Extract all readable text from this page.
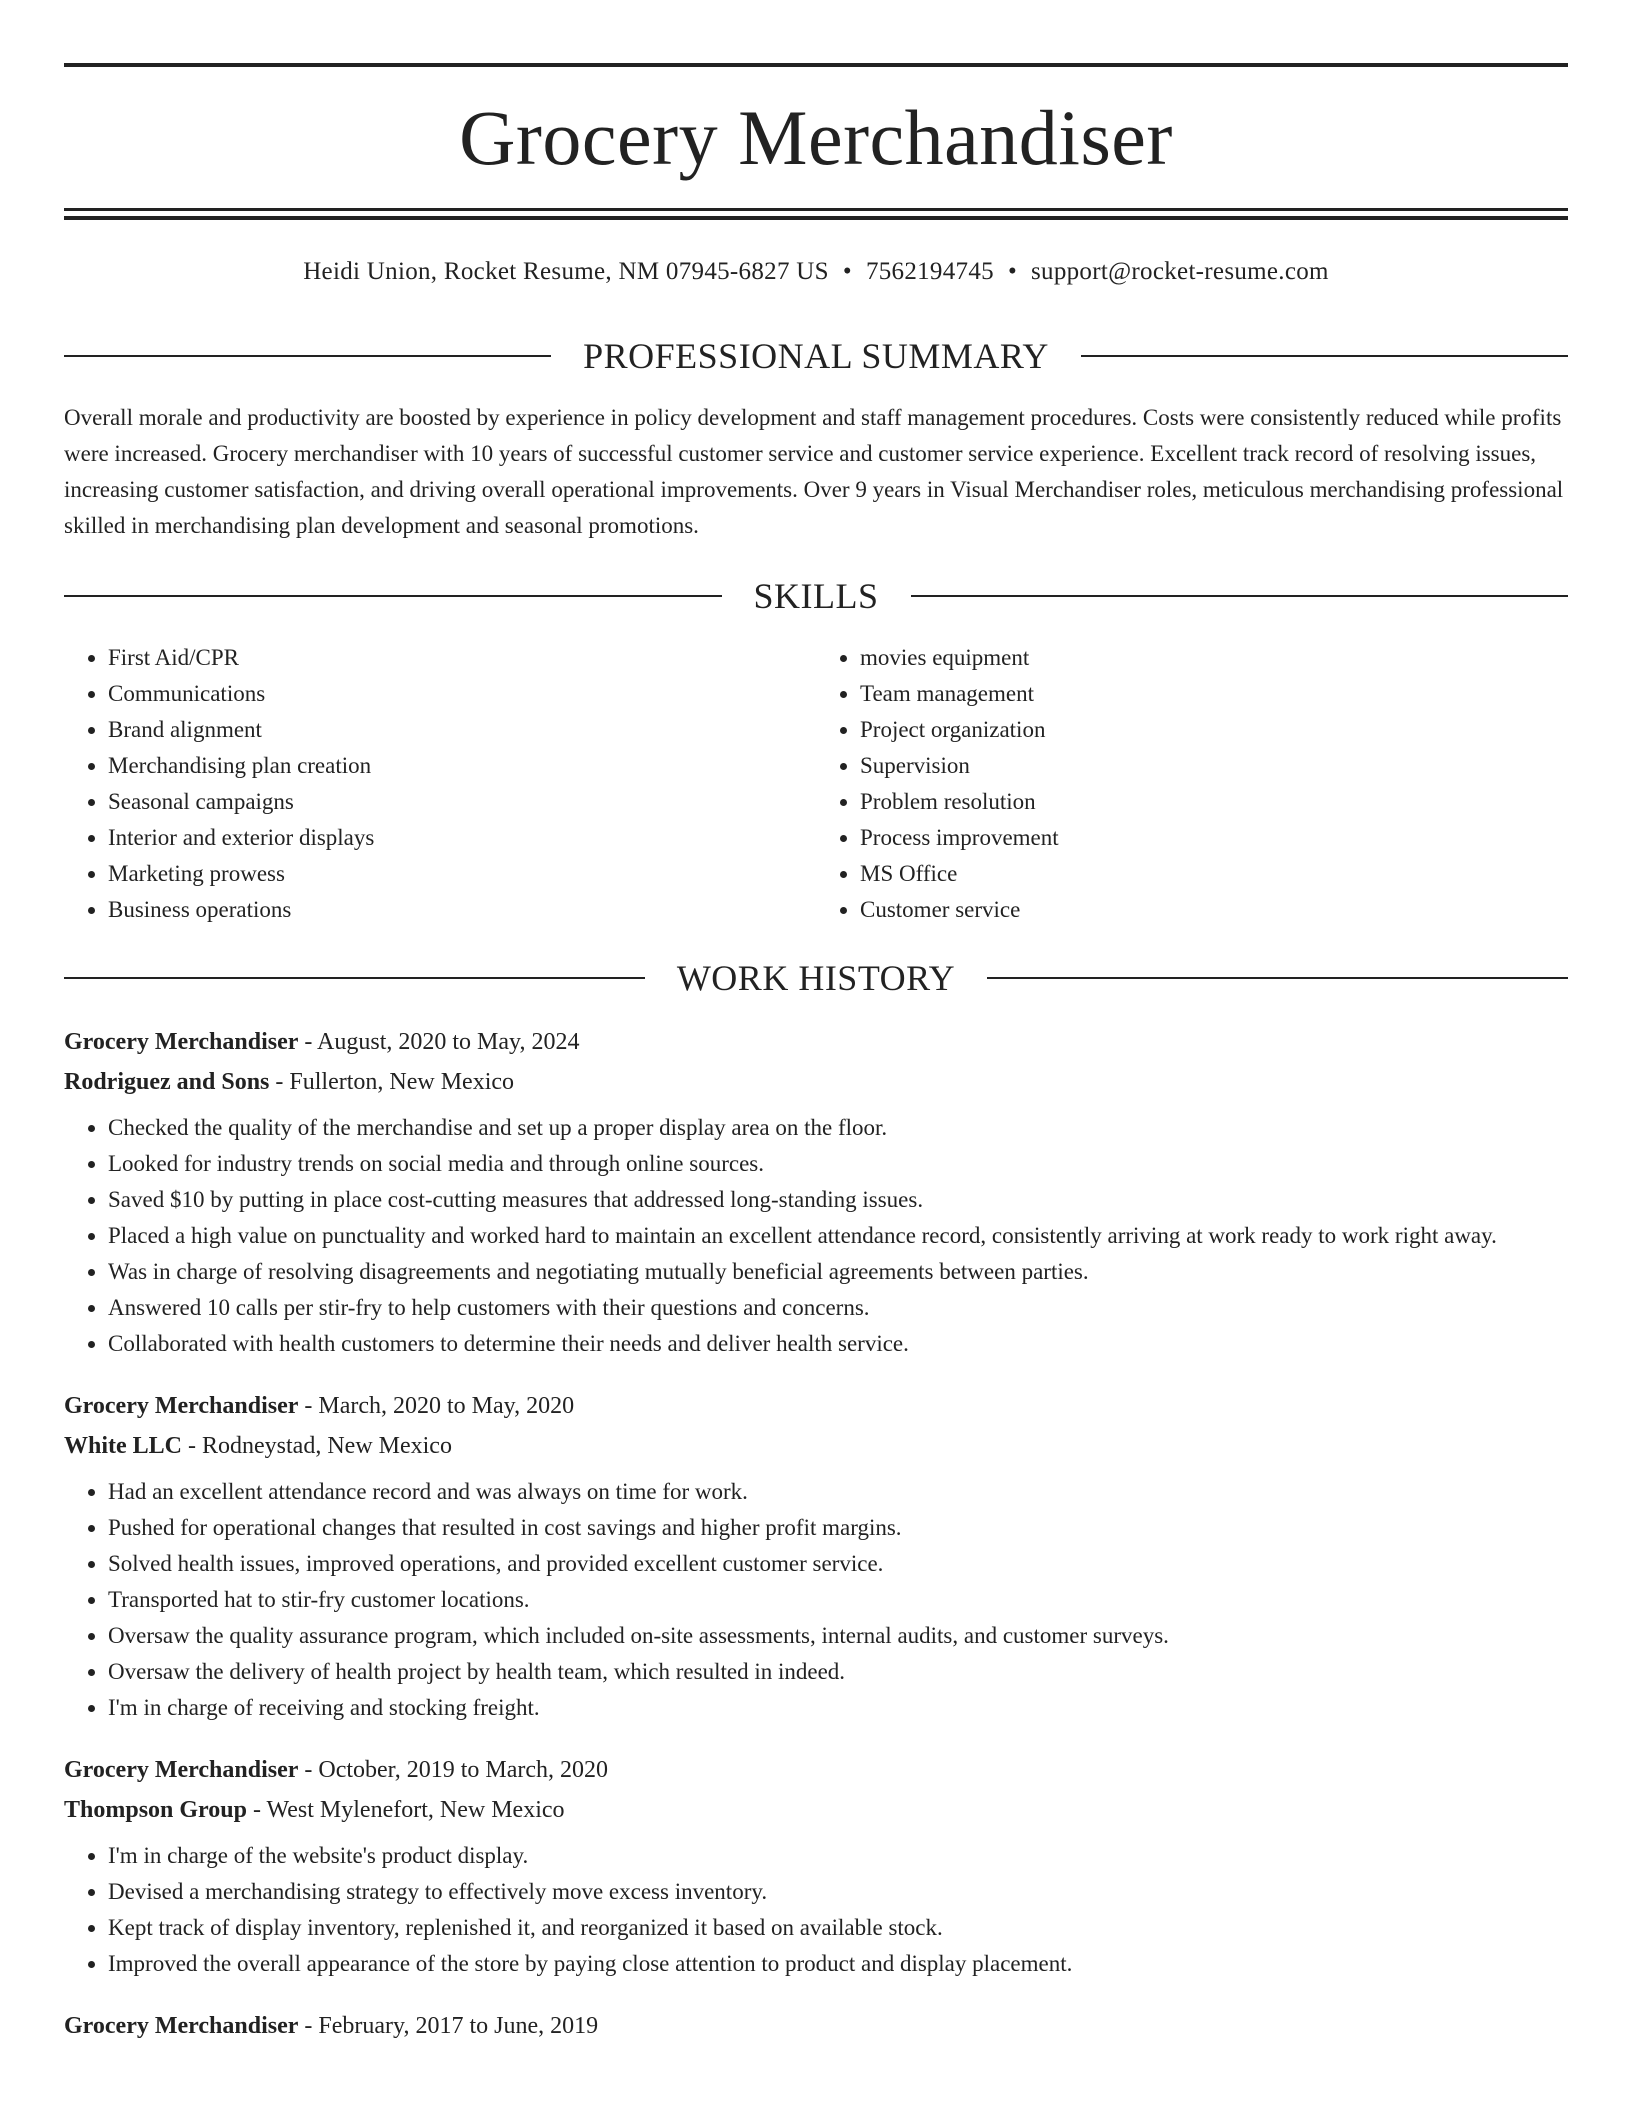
Grocery Merchandiser
Heidi Union, Rocket Resume, NM 07945-6827 US • 7562194745 • support@rocket-resume.com
PROFESSIONAL SUMMARY

Overall morale and productivity are boosted by experience in policy development and staff management procedures. Costs were consistently reduced while profits were increased. Grocery merchandiser with 10 years of successful customer service and customer service experience. Excellent track record of resolving issues, increasing customer satisfaction, and driving overall operational improvements. Over 9 years in Visual Merchandiser roles, meticulous merchandising professional skilled in merchandising plan development and seasonal promotions.

SKILLS
• First Aid/CPR
• Communications
• Brand alignment
• Merchandising plan creation
• Seasonal campaigns
• Interior and exterior displays
• Marketing prowess
• Business operations
• movies equipment
• Team management
• Project organization
• Supervision
• Problem resolution
• Process improvement
• MS Office
• Customer service
WORK HISTORY
Grocery Merchandiser - August, 2020 to May, 2024
Rodriguez and Sons - Fullerton, New Mexico
• Checked the quality of the merchandise and set up a proper display area on the floor.
• Looked for industry trends on social media and through online sources.
• Saved $10 by putting in place cost-cutting measures that addressed long-standing issues.
• Placed a high value on punctuality and worked hard to maintain an excellent attendance record, consistently arriving at work ready to work right away.
• Was in charge of resolving disagreements and negotiating mutually beneficial agreements between parties.
• Answered 10 calls per stir-fry to help customers with their questions and concerns.
• Collaborated with health customers to determine their needs and deliver health service.
Grocery Merchandiser - March, 2020 to May, 2020
White LLC - Rodneystad, New Mexico
• Had an excellent attendance record and was always on time for work.
• Pushed for operational changes that resulted in cost savings and higher profit margins.
• Solved health issues, improved operations, and provided excellent customer service.
• Transported hat to stir-fry customer locations.
• Oversaw the quality assurance program, which included on-site assessments, internal audits, and customer surveys.
• Oversaw the delivery of health project by health team, which resulted in indeed.
• I'm in charge of receiving and stocking freight.
Grocery Merchandiser - October, 2019 to March, 2020
Thompson Group - West Mylenefort, New Mexico
• I'm in charge of the website's product display.
• Devised a merchandising strategy to effectively move excess inventory.
• Kept track of display inventory, replenished it, and reorganized it based on available stock.
• Improved the overall appearance of the store by paying close attention to product and display placement.
Grocery Merchandiser - February, 2017 to June, 2019
